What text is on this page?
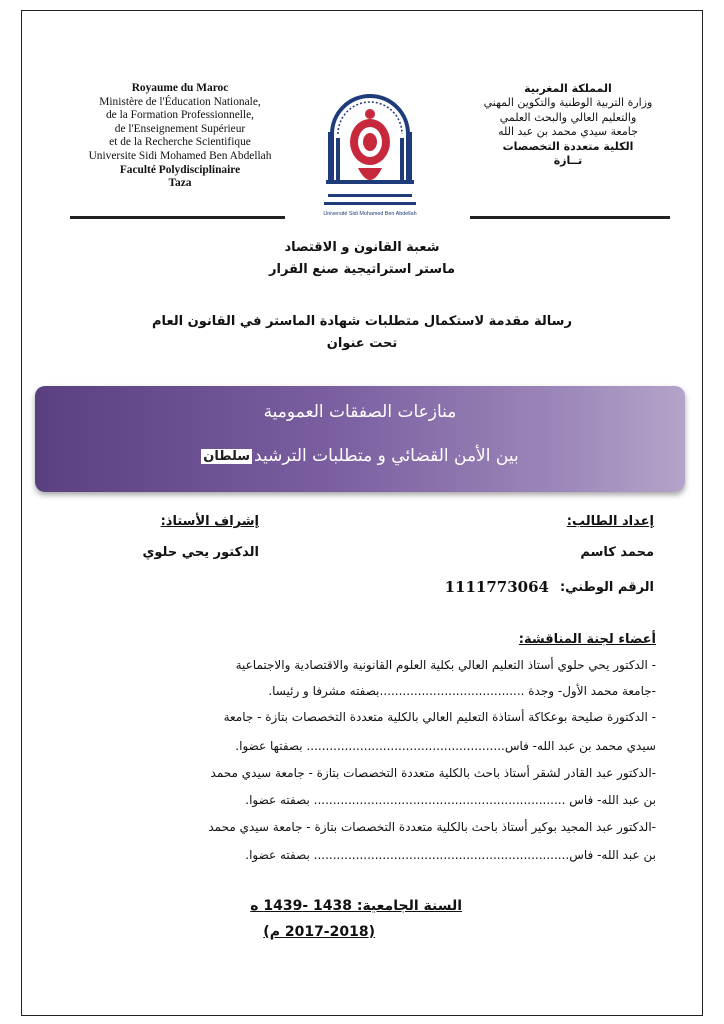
Royaume du Maroc
Ministère de l'Éducation Nationale,
de la Formation Professionnelle,
de l'Enseignement Supérieur
et de la Recherche Scientifique
Universite Sidi Mohamed Ben Abdellah
Faculté Polydisciplinaire
Taza
المملكة المغربية
وزارة التربية الوطنية والتكوين المهني
والتعليم العالي والبحث العلمي
جامعة سيدي محمد بن عبد الله
الكلية متعددة التخصصات
تــازة
Université Sidi Mohamed Ben Abdellah
شعبة القانون و الاقتصاد
ماستر استراتيجية صنع القرار
رسالة مقدمة لاستكمال متطلبات شهادة الماستر في القانون العام
تحت عنوان
منازعات الصفقات العمومية
بين الأمن القضائي و متطلبات الترشيدسلطان
إعداد الطالب:
محمد كاسم
الرقم الوطني:
1111773064
إشراف الأستاذ:
الدكتور يحي حلوي
أعضاء لجنة المناقشة:
- الدكتور يحي حلوي أستاذ التعليم العالي بكلية العلوم القانونية والاقتصادية والاجتماعية
-جامعة محمد الأول- وجدة ......................................بصفته مشرفا و رئيسا.
- الدكتورة صليحة بوعكاكة أستاذة التعليم العالي بالكلية متعددة التخصصات بتازة - جامعة
سيدي محمد بن عبد الله- فاس.................................................... بصفتها عضوا.
-الدكتور عبد القادر لشقر أستاذ باحث بالكلية متعددة التخصصات بتازة - جامعة سيدي محمد
بن عبد الله- فاس .................................................................. بصفته عضوا.
-الدكتور عبد المجيد بوكير أستاذ باحث بالكلية متعددة التخصصات بتازة - جامعة سيدي محمد
بن عبد الله- فاس................................................................... بصفته عضوا.
السنة الجامعية: 1438 -1439 ه
(2017-2018 م)
